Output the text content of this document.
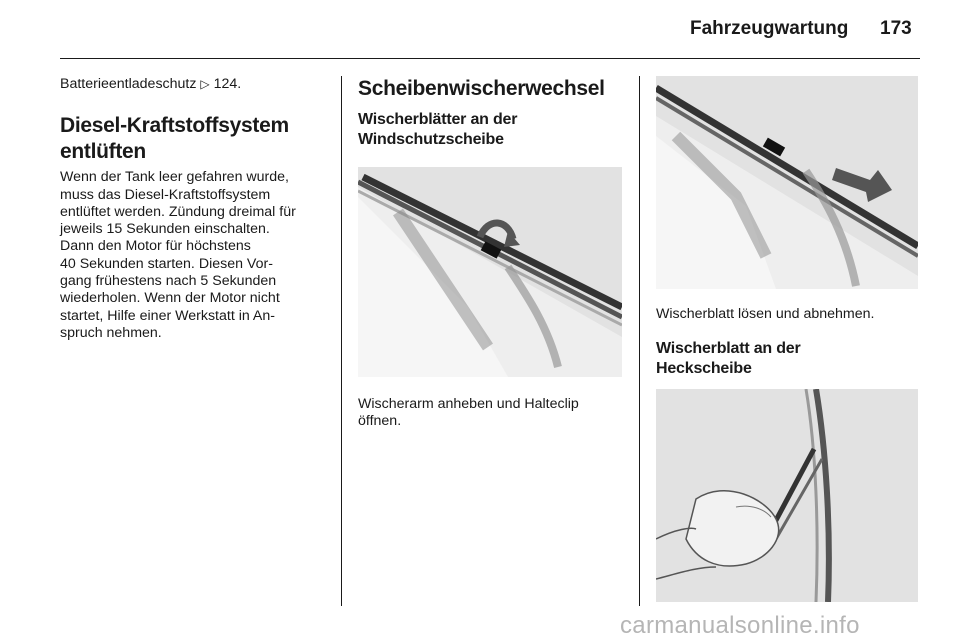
Fahrzeugwartung 173

Batterieentladeschutz ▷ 124.

Diesel-Kraftstoffsystem
entlüften

Wenn der Tank leer gefahren wurde,
muss das Diesel-Kraftstoffsystem
entlüftet werden. Zündung dreimal für
jeweils 15 Sekunden einschalten.
Dann den Motor für höchstens
40 Sekunden starten. Diesen Vor-
gang frühestens nach 5 Sekunden
wiederholen. Wenn der Motor nicht
startet, Hilfe einer Werkstatt in An-
spruch nehmen.

Scheibenwischerwechsel
Wischerblätter an der
Windschutzscheibe

Wischerarm anheben und Halteclip
öffnen.

Wischerblatt lösen und abnehmen.

Wischerblatt an der
Heckscheibe
carmanualsonline.info
